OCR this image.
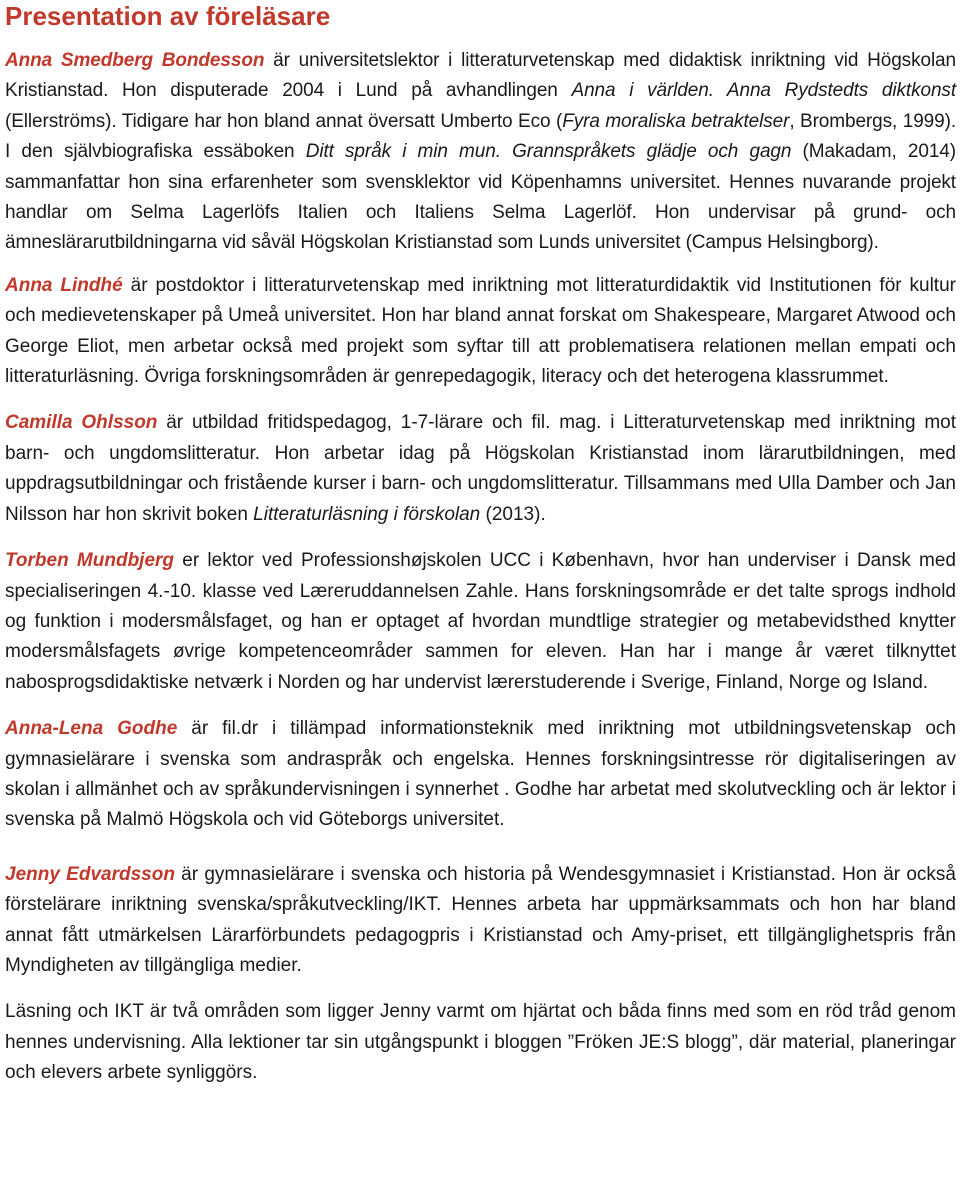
Presentation av föreläsare

Anna Smedberg Bondesson är universitetslektor i litteraturvetenskap med didaktisk inriktning vid Högskolan Kristianstad. Hon disputerade 2004 i Lund på avhandlingen Anna i världen. Anna Rydstedts diktkonst (Ellerströms). Tidigare har hon bland annat översatt Umberto Eco (Fyra moraliska betraktelser, Brombergs, 1999). I den självbiografiska essäboken Ditt språk i min mun. Grannspråkets glädje och gagn (Makadam, 2014) sammanfattar hon sina erfarenheter som svensklektor vid Köpenhamns universitet. Hennes nuvarande projekt handlar om Selma Lagerlöfs Italien och Italiens Selma Lagerlöf. Hon undervisar på grund- och ämneslärarutbildningarna vid såväl Högskolan Kristianstad som Lunds universitet (Campus Helsingborg).

Anna Lindhé är postdoktor i litteraturvetenskap med inriktning mot litteraturdidaktik vid Institutionen för kultur och medievetenskaper på Umeå universitet. Hon har bland annat forskat om Shakespeare, Margaret Atwood och George Eliot, men arbetar också med projekt som syftar till att problematisera relationen mellan empati och litteraturläsning. Övriga forskningsområden är genrepedagogik, literacy och det heterogena klassrummet.

Camilla Ohlsson är utbildad fritidspedagog, 1-7-lärare och fil. mag. i Litteraturvetenskap med inriktning mot barn- och ungdomslitteratur. Hon arbetar idag på Högskolan Kristianstad inom lärarutbildningen, med uppdragsutbildningar och fristående kurser i barn- och ungdomslitteratur. Tillsammans med Ulla Damber och Jan Nilsson har hon skrivit boken Litteraturläsning i förskolan (2013).

Torben Mundbjerg er lektor ved Professionshøjskolen UCC i København, hvor han underviser i Dansk med specialiseringen 4.-10. klasse ved Læreruddannelsen Zahle. Hans forskningsområde er det talte sprogs indhold og funktion i modersmålsfaget, og han er optaget af hvordan mundtlige strategier og metabevidsthed knytter modersmålsfagets øvrige kompetenceområder sammen for eleven. Han har i mange år været tilknyttet nabosprogsdidaktiske netværk i Norden og har undervist lærerstuderende i Sverige, Finland, Norge og Island.

Anna-Lena Godhe är fil.dr i tillämpad informationsteknik med inriktning mot utbildningsvetenskap och gymnasielärare i svenska som andraspråk och engelska. Hennes forskningsintresse rör digitaliseringen av skolan i allmänhet och av språkundervisningen i synnerhet . Godhe har arbetat med skolutveckling och är lektor i svenska på Malmö Högskola och vid Göteborgs universitet.

Jenny Edvardsson är gymnasielärare i svenska och historia på Wendesgymnasiet i Kristianstad. Hon är också förstelärare inriktning svenska/språkutveckling/IKT. Hennes arbeta har uppmärksammats och hon har bland annat fått utmärkelsen Lärarförbundets pedagogpris i Kristianstad och Amy-priset, ett tillgänglighetspris från Myndigheten av tillgängliga medier.

Läsning och IKT är två områden som ligger Jenny varmt om hjärtat och båda finns med som en röd tråd genom hennes undervisning. Alla lektioner tar sin utgångspunkt i bloggen ”Fröken JE:S blogg”, där material, planeringar och elevers arbete synliggörs.
